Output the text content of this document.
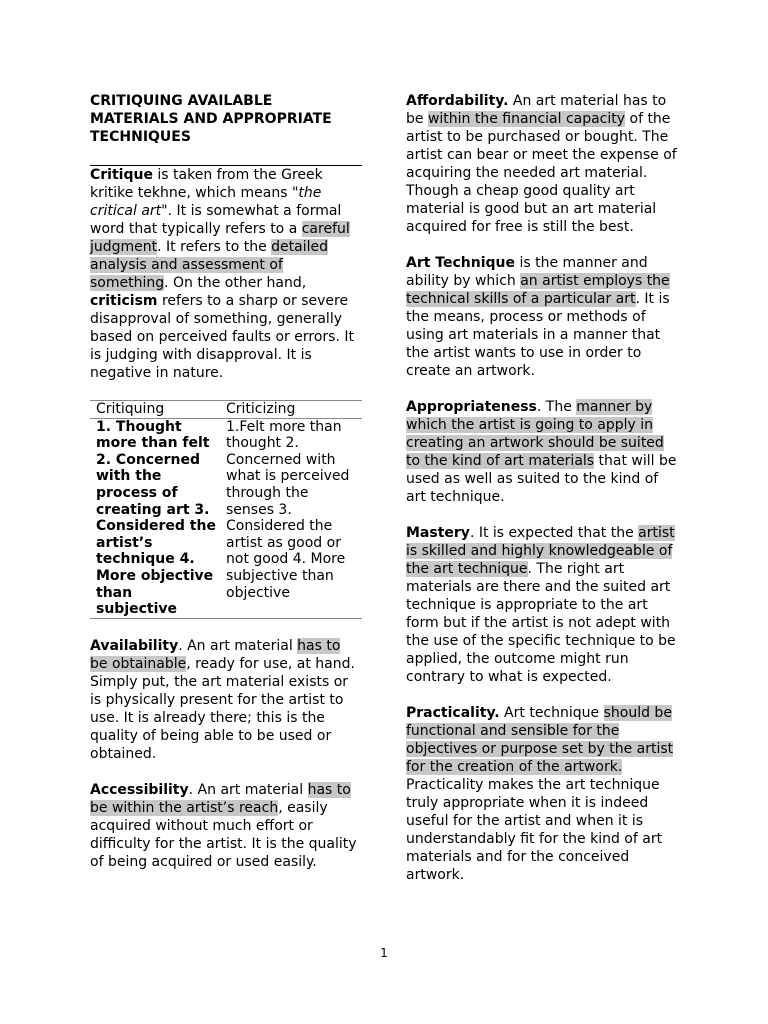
CRITIQUING AVAILABLE
MATERIALS AND APPROPRIATE
TECHNIQUES

Critique is taken from the Greek kritike tekhne, which means "the critical art". It is somewhat a formal word that typically refers to a careful judgment. It refers to the detailed analysis and assessment of something. On the other hand, criticism refers to a sharp or severe disapproval of something, generally based on perceived faults or errors. It is judging with disapproval. It is negative in nature.

Critiquing	Criticizing
1. Thought more than felt 2. Concerned with the process of creating art 3. Considered the artist’s technique 4. More objective than subjective	1.Felt more than thought 2. Concerned with what is perceived through the senses 3. Considered the artist as good or not good 4. More subjective than objective

Availability. An art material has to be obtainable, ready for use, at hand. Simply put, the art material exists or is physically present for the artist to use. It is already there; this is the quality of being able to be used or obtained.

Accessibility. An art material has to be within the artist’s reach, easily acquired without much effort or difficulty for the artist. It is the quality of being acquired or used easily.

Affordability. An art material has to be within the financial capacity of the artist to be purchased or bought. The artist can bear or meet the expense of acquiring the needed art material. Though a cheap good quality art material is good but an art material acquired for free is still the best.

Art Technique is the manner and ability by which an artist employs the technical skills of a particular art. It is the means, process or methods of using art materials in a manner that the artist wants to use in order to create an artwork.

Appropriateness. The manner by which the artist is going to apply in creating an artwork should be suited to the kind of art materials that will be used as well as suited to the kind of art technique.

Mastery. It is expected that the artist is skilled and highly knowledgeable of the art technique. The right art materials are there and the suited art technique is appropriate to the art form but if the artist is not adept with the use of the specific technique to be applied, the outcome might run contrary to what is expected.

Practicality. Art technique should be functional and sensible for the objectives or purpose set by the artist for the creation of the artwork. Practicality makes the art technique truly appropriate when it is indeed useful for the artist and when it is understandably fit for the kind of art materials and for the conceived artwork.

1
